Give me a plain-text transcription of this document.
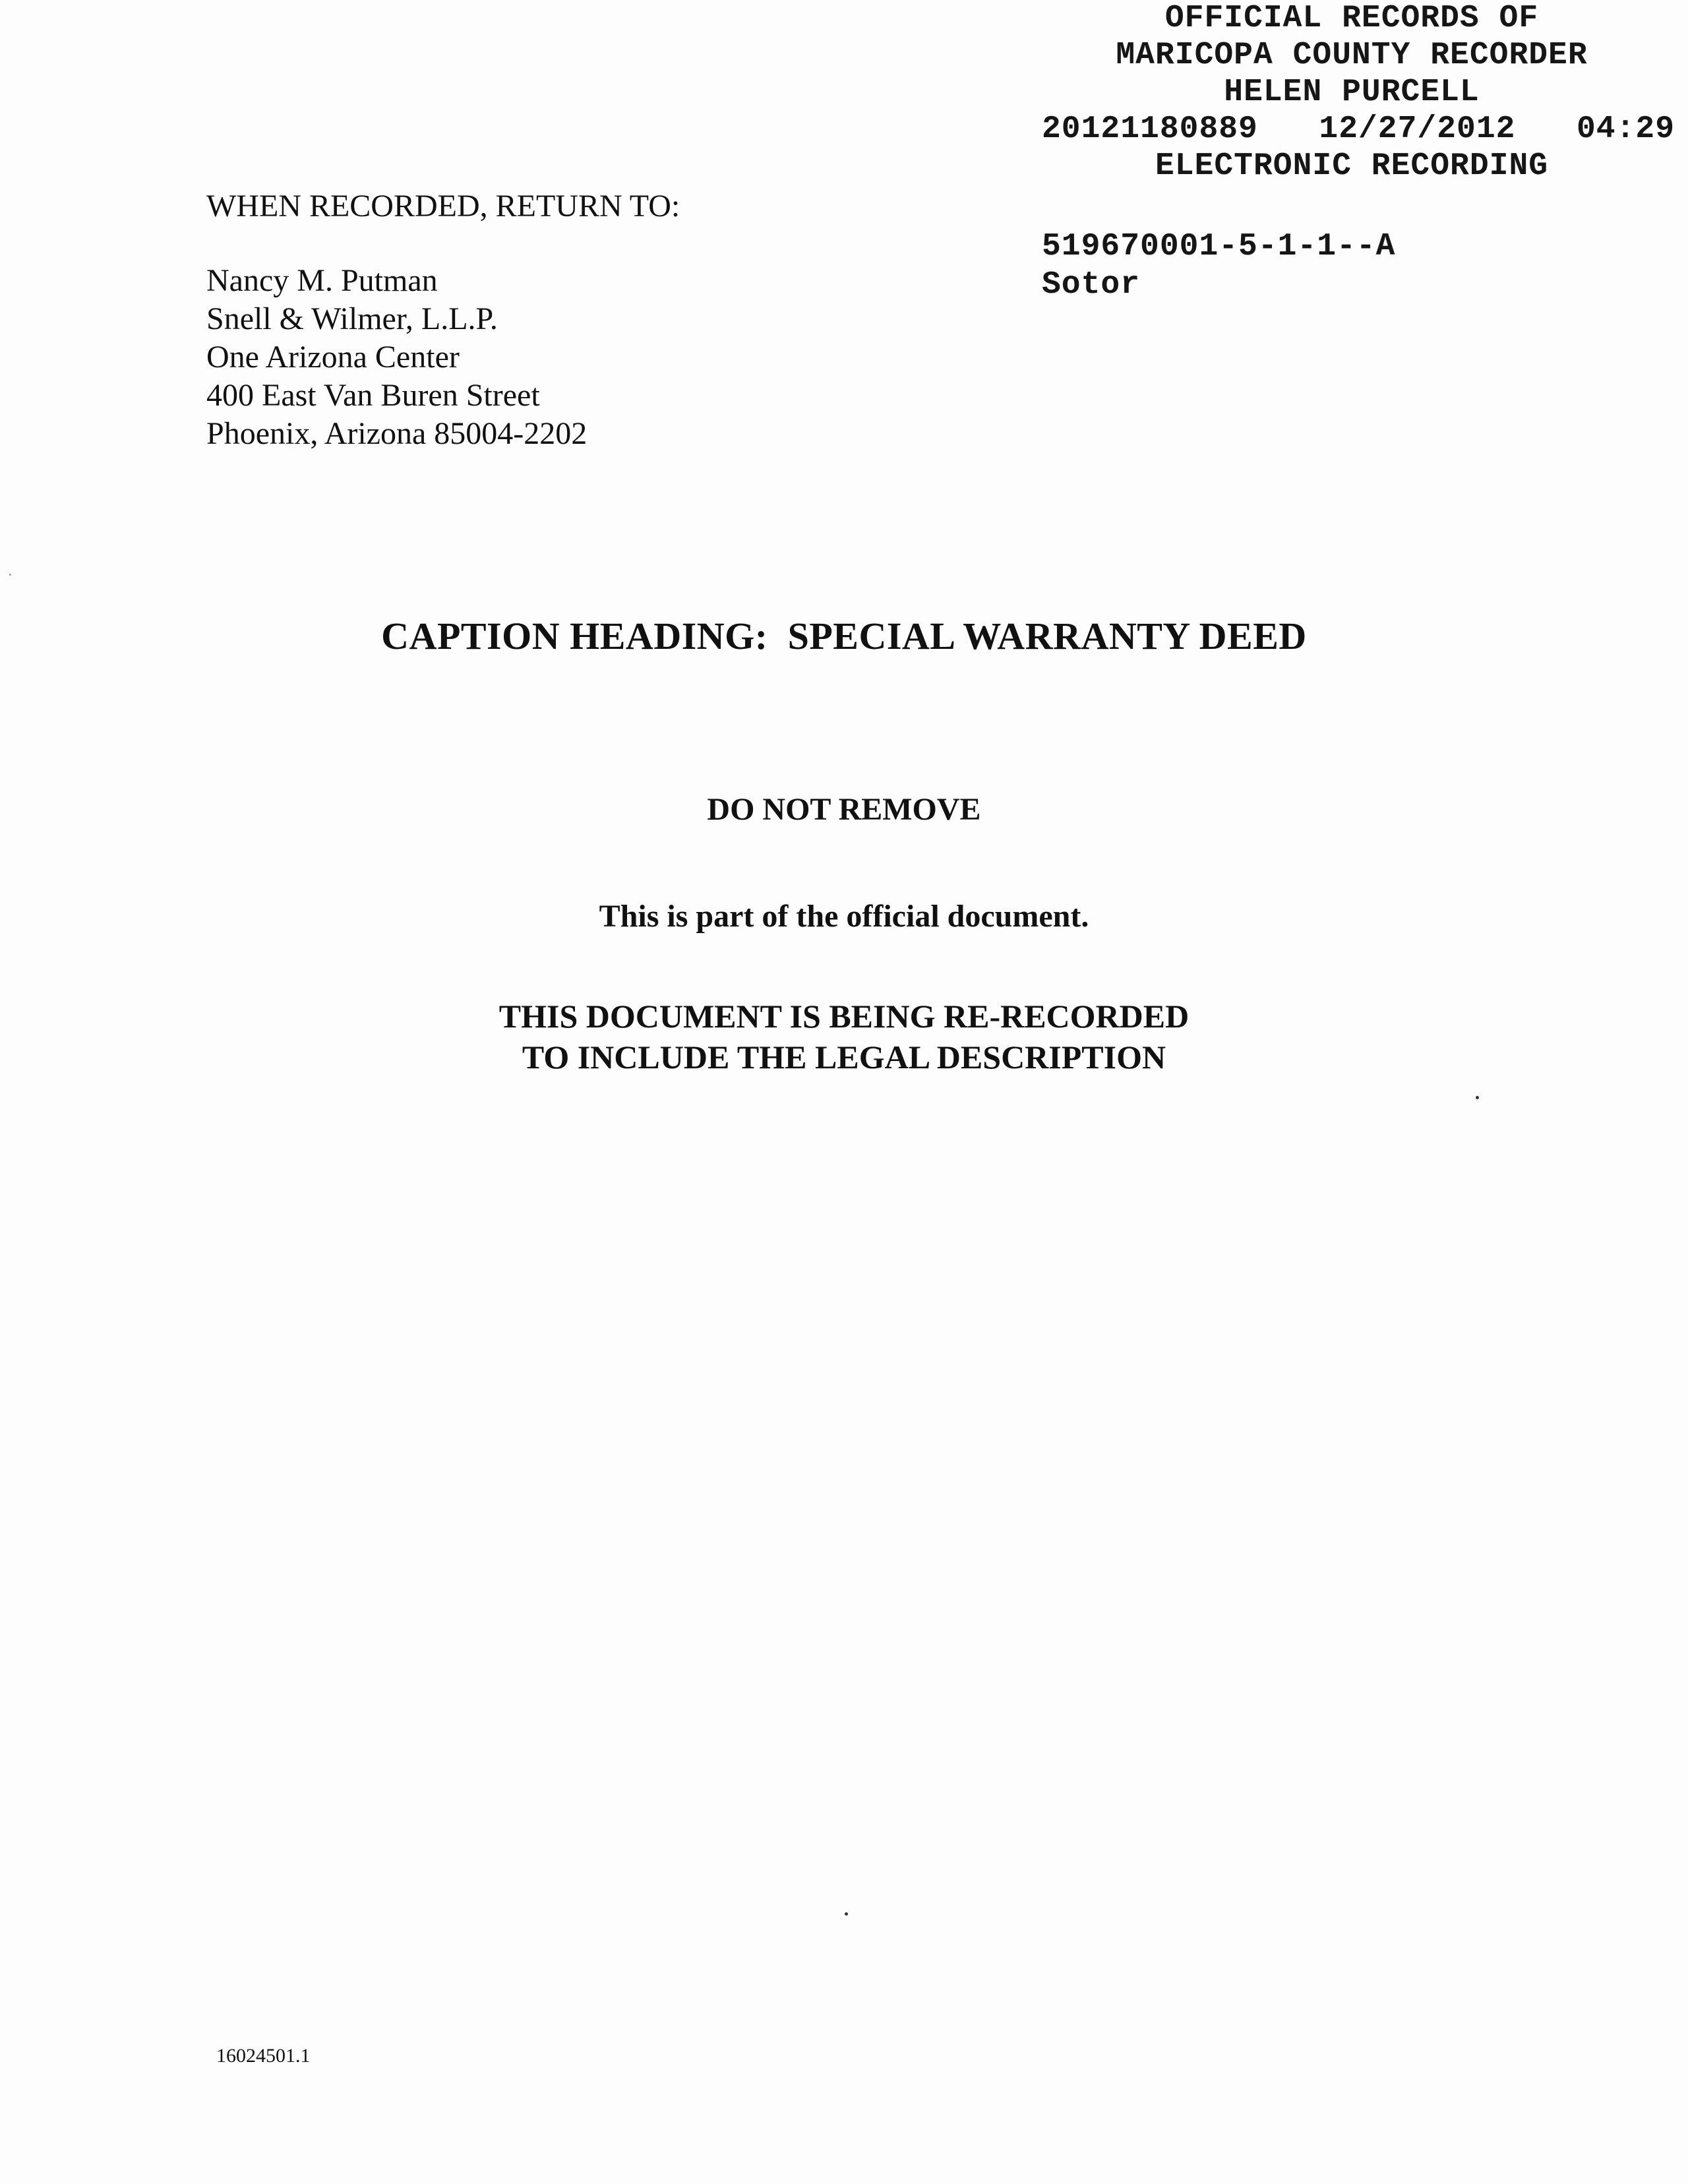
OFFICIAL RECORDS OF
MARICOPA COUNTY RECORDER
HELEN PURCELL
20121180889 12/27/2012 04:29
ELECTRONIC RECORDING
519670001-5-1-1--A
Sotor
WHEN RECORDED, RETURN TO:
Nancy M. Putman
Snell & Wilmer, L.L.P.
One Arizona Center
400 East Van Buren Street
Phoenix, Arizona 85004-2202
CAPTION HEADING:  SPECIAL WARRANTY DEED
DO NOT REMOVE
This is part of the official document.
THIS DOCUMENT IS BEING RE-RECORDED
TO INCLUDE THE LEGAL DESCRIPTION
16024501.1
